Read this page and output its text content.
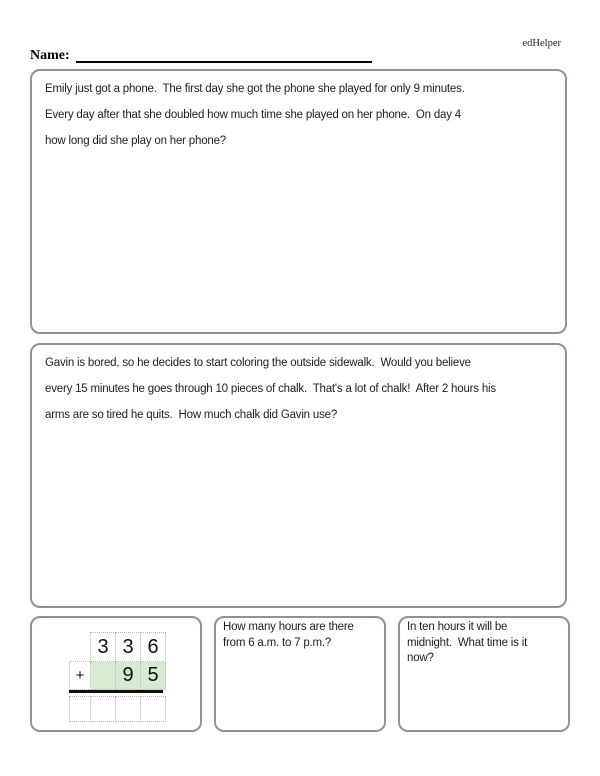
edHelper
Name:
Emily just got a phone.  The first day she got the phone she played for only 9 minutes.
Every day after that she doubled how much time she played on her phone.  On day 4
how long did she play on her phone?
Gavin is bored, so he decides to start coloring the outside sidewalk.  Would you believe
every 15 minutes he goes through 10 pieces of chalk.  That's a lot of chalk!  After 2 hours his
arms are so tired he quits.  How much chalk did Gavin use?
	3	3	6
+		9	5

How many hours are there
from 6 a.m. to 7 p.m.?
In ten hours it will be
midnight.  What time is it
now?
